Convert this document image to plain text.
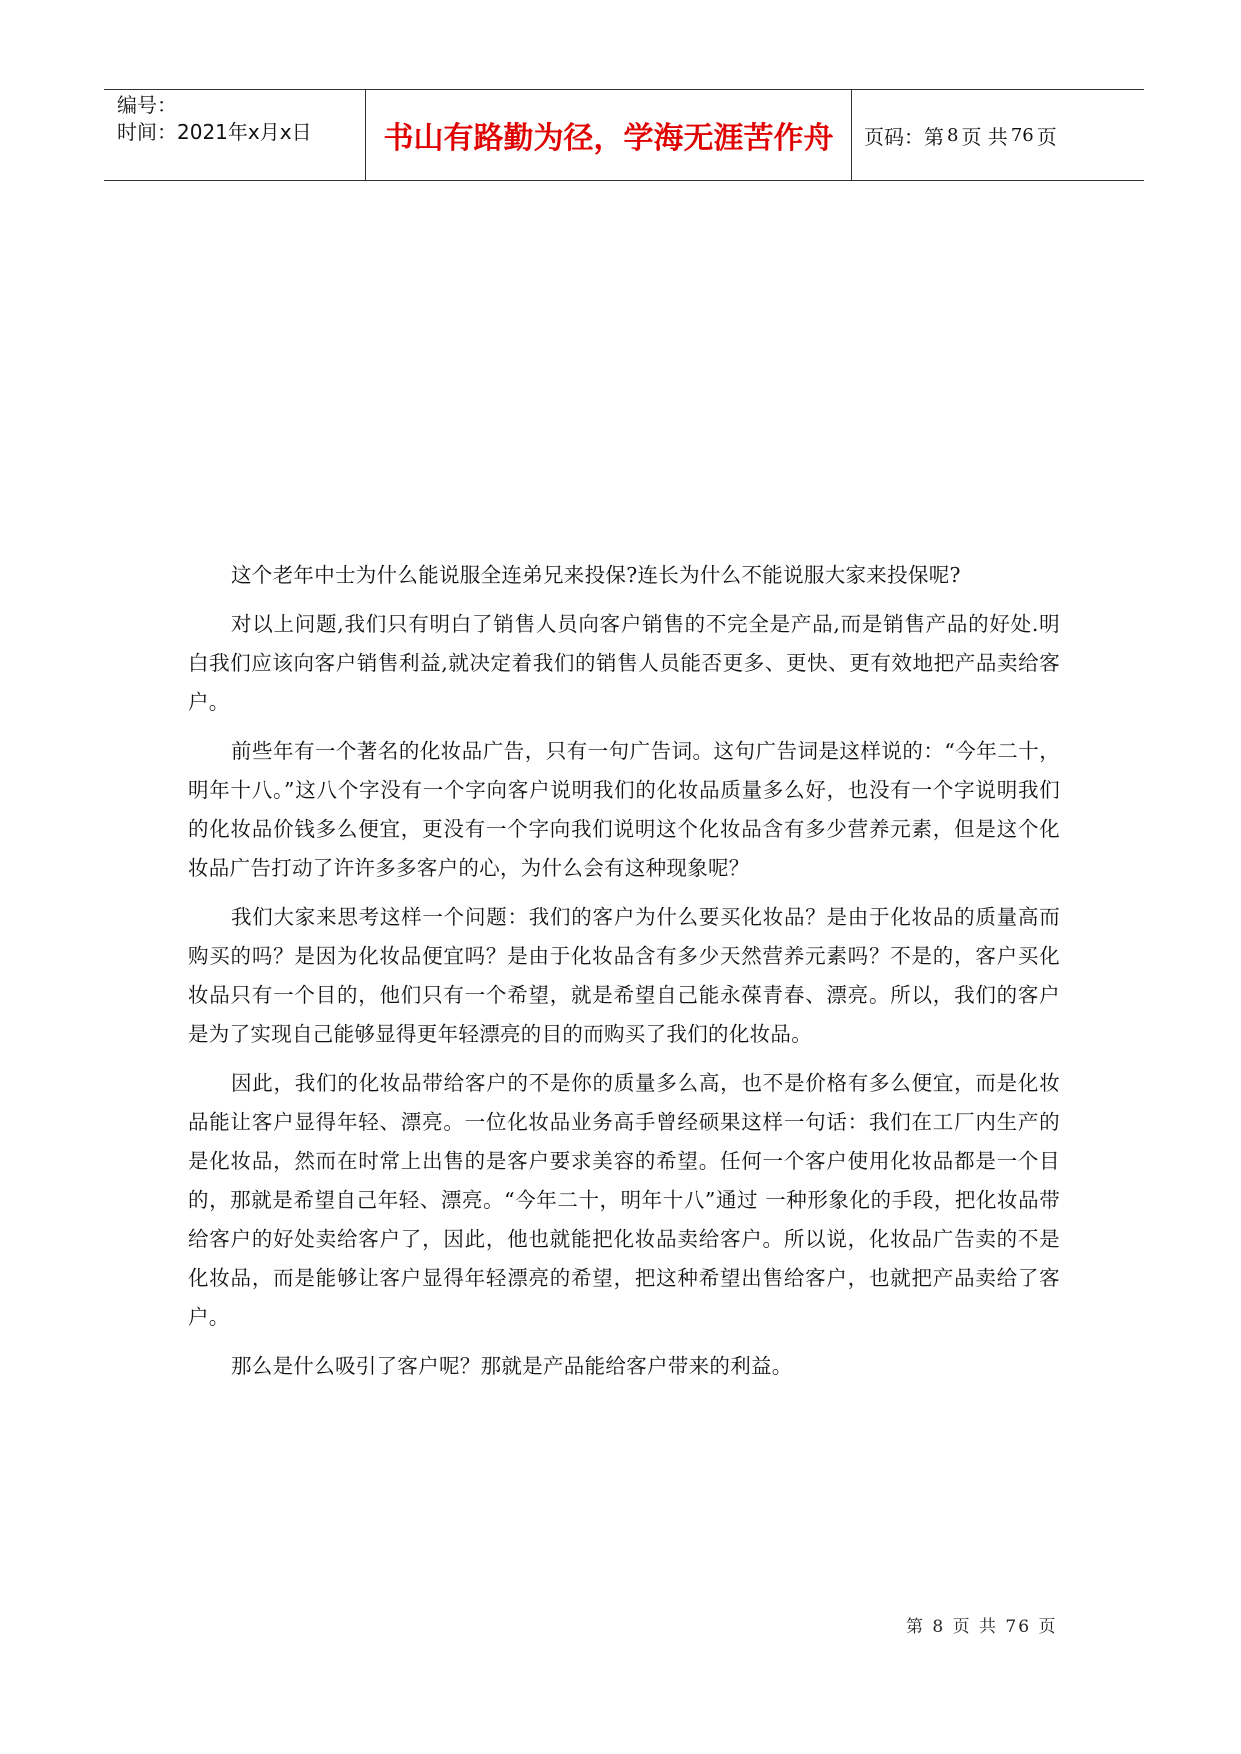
编号：
时间：2021年x月x日	书山有路勤为径，学海无涯苦作舟 页码：第 8 页 共 76 页

这个老年中士为什么能说服全连弟兄来投保?连长为什么不能说服大家来投保呢?

对以上问题,我们只有明白了销售人员向客户销售的不完全是产品,而是销售产品的好处.明白我们应该向客户销售利益,就决定着我们的销售人员能否更多、更快、更有效地把产品卖给客户。

前些年有一个著名的化妆品广告，只有一句广告词。这句广告词是这样说的：“今年二十，明年十八。”这八个字没有一个字向客户说明我们的化妆品质量多么好，也没有一个字说明我们的化妆品价钱多么便宜，更没有一个字向我们说明这个化妆品含有多少营养元素，但是这个化妆品广告打动了许许多多客户的心，为什么会有这种现象呢？

我们大家来思考这样一个问题：我们的客户为什么要买化妆品？是由于化妆品的质量高而购买的吗？是因为化妆品便宜吗？是由于化妆品含有多少天然营养元素吗？不是的，客户买化妆品只有一个目的，他们只有一个希望，就是希望自己能永葆青春、漂亮。所以，我们的客户是为了实现自己能够显得更年轻漂亮的目的而购买了我们的化妆品。

因此，我们的化妆品带给客户的不是你的质量多么高，也不是价格有多么便宜，而是化妆品能让客户显得年轻、漂亮。一位化妆品业务高手曾经硕果这样一句话：我们在工厂内生产的是化妆品，然而在时常上出售的是客户要求美容的希望。任何一个客户使用化妆品都是一个目的，那就是希望自己年轻、漂亮。“今年二十，明年十八”通过 一种形象化的手段，把化妆品带给客户的好处卖给客户了，因此，他也就能把化妆品卖给客户。所以说，化妆品广告卖的不是化妆品，而是能够让客户显得年轻漂亮的希望，把这种希望出售给客户，也就把产品卖给了客户。

那么是什么吸引了客户呢？那就是产品能给客户带来的利益。

第 8 页 共 76 页
